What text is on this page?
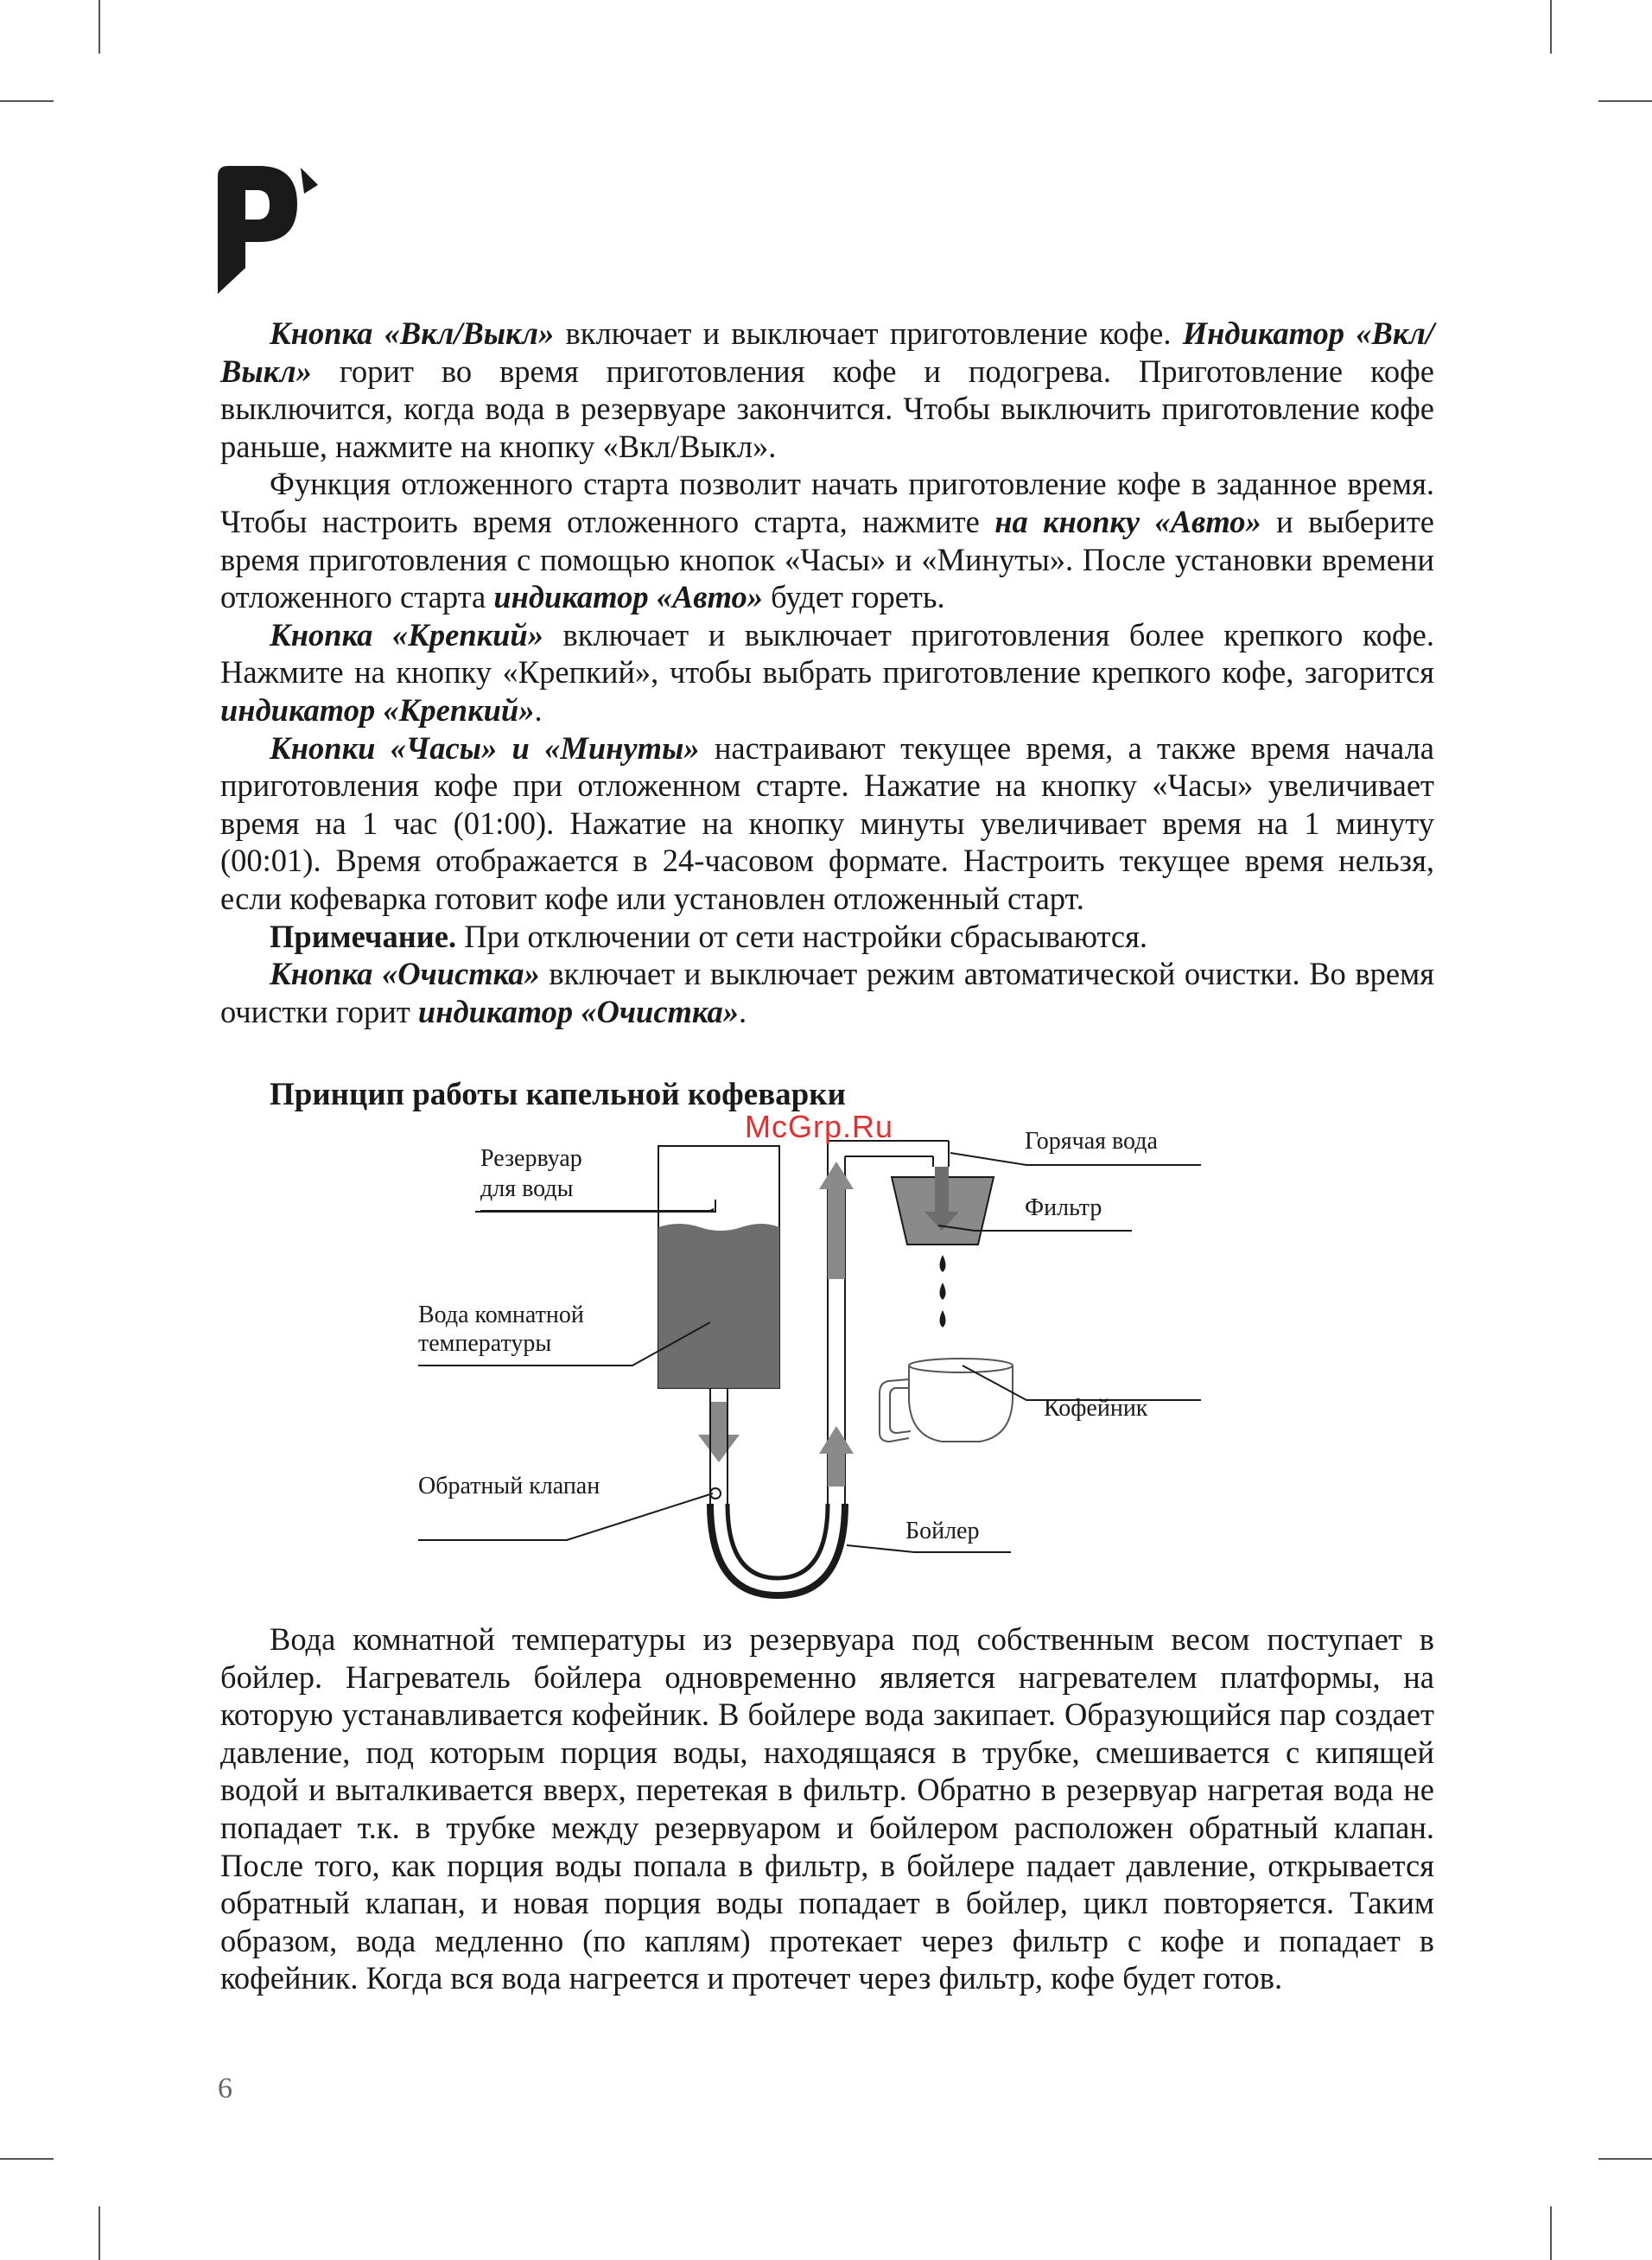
Кнопка «Вкл/Выкл» включает и выключает приготовление кофе. Индикатор «Вкл/Выкл» горит во время приготовления кофе и подогрева. Приготовление кофе выключится, когда вода в резервуаре закончится. Чтобы выключить приготовление кофе раньше, нажмите на кнопку «Вкл/Выкл».

Функция отложенного старта позволит начать приготовление кофе в заданное время. Чтобы настроить время отложенного старта, нажмите на кнопку «Авто» и выберите время приготовления с помощью кнопок «Часы» и «Минуты». После установки времени отложенного старта индикатор «Авто» будет гореть.

Кнопка «Крепкий» включает и выключает приготовления более крепкого кофе. Нажмите на кнопку «Крепкий», чтобы выбрать приготовление крепкого кофе, загорится индикатор «Крепкий».

Кнопки «Часы» и «Минуты» настраивают текущее время, а также время начала приготовления кофе при отложенном старте. Нажатие на кнопку «Часы» увеличивает время на 1 час (01:00). Нажатие на кнопку минуты увеличивает время на 1 минуту (00:01). Время отображается в 24-часовом формате. Настроить текущее время нельзя, если кофеварка готовит кофе или установлен отложенный старт.

Примечание. При отключении от сети настройки сбрасываются.

Кнопка «Очистка» включает и выключает режим автоматической очистки. Во время очистки горит индикатор «Очистка».

Принцип работы капельной кофеварки
Резервуар
для воды
Вода комнатной
температуры
Обратный клапан
Горячая вода
Фильтр
Кофейник
Бойлер
McGrp.Ru

Вода комнатной температуры из резервуара под собственным весом поступает в бойлер. Нагреватель бойлера одновременно является нагревателем платформы, на которую устанавливается кофейник. В бойлере вода закипает. Образующийся пар создает давление, под которым порция воды, находящаяся в трубке, смешивается с кипящей водой и выталкивается вверх, перетекая в фильтр. Обратно в резервуар нагретая вода не попадает т.к. в трубке между резервуаром и бойлером расположен обратный клапан. После того, как порция воды попала в фильтр, в бойлере падает давление, открывается обратный клапан, и новая порция воды попадает в бойлер, цикл повторяется. Таким образом, вода медленно (по каплям) протекает через фильтр с кофе и попадает в кофейник. Когда вся вода нагреется и протечет через фильтр, кофе будет готов.

6
